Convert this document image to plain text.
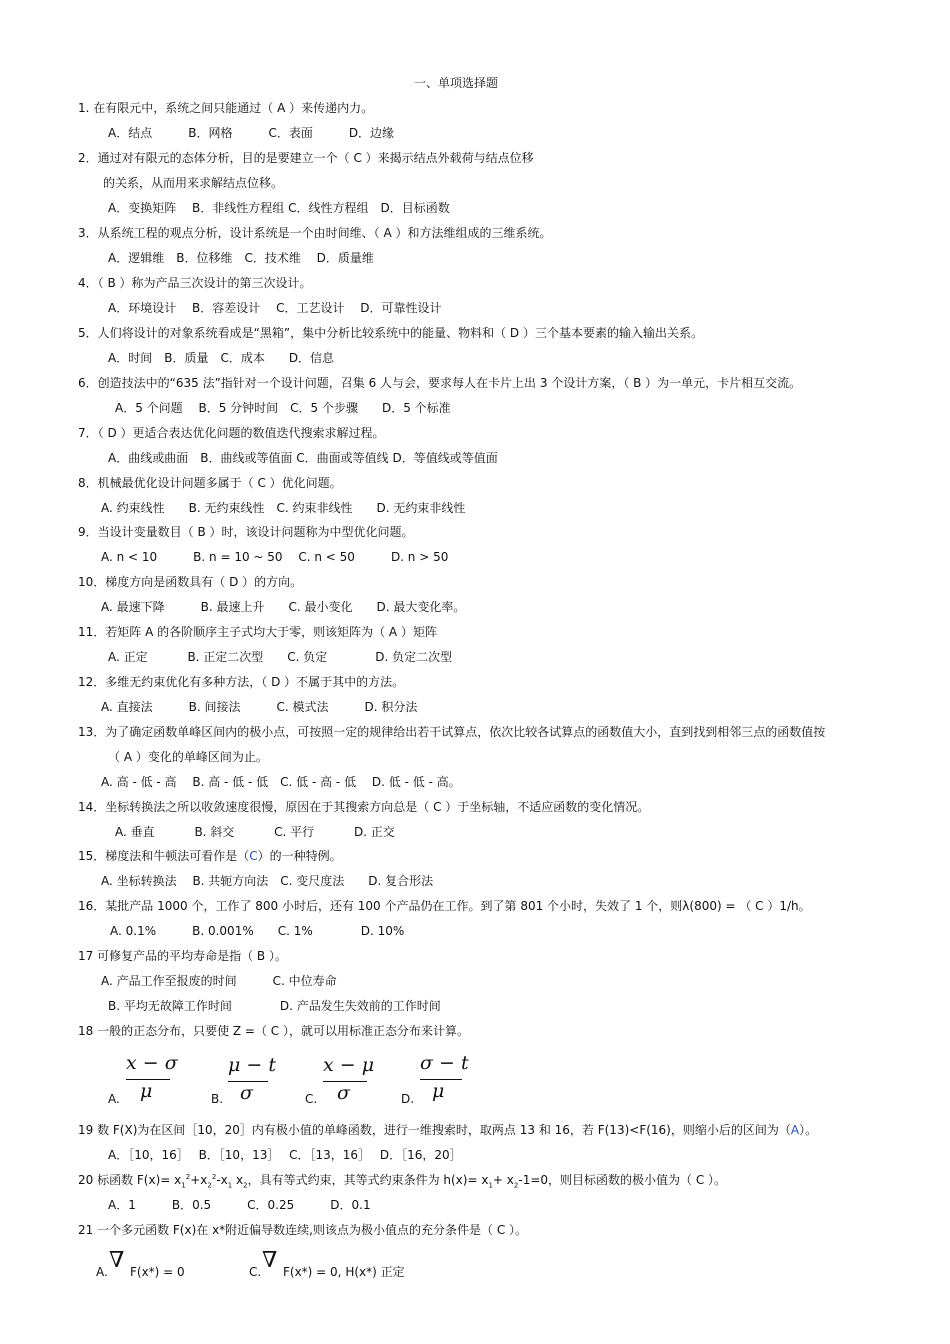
一、单项选择题
1. 在有限元中，系统之间只能通过（ A ）来传递内力。
A．结点　　　B．网格　　　C．表面　　　D．边缘
2．通过对有限元的态体分析，目的是要建立一个（ C ）来揭示结点外载荷与结点位移
的关系，从而用来求解结点位移。
A．变换矩阵　 B．非线性方程组 C．线性方程组　D．目标函数
3．从系统工程的观点分析，设计系统是一个由时间维、（ A ）和方法维组成的三维系统。
A．逻辑维　B．位移维　C．技术维　 D．质量维
4．（ B ）称为产品三次设计的第三次设计。
A．环境设计　 B．容差设计　 C．工艺设计　 D．可靠性设计
5．人们将设计的对象系统看成是“黑箱”，集中分析比较系统中的能量、物料和（ D ）三个基本要素的输入输出关系。
A．时间　B．质量　C．成本　　D．信息
6．创造技法中的“635 法”指针对一个设计问题，召集 6 人与会，要求每人在卡片上出 3 个设计方案，（ B ）为一单元，卡片相互交流。
A．5 个问题　 B．5 分钟时间　C．5 个步骤　　D．5 个标准
7．（ D ）更适合表达优化问题的数值迭代搜索求解过程。
A．曲线或曲面　B．曲线或等值面 C．曲面或等值线 D．等值线或等值面
8．机械最优化设计问题多属于（ C ）优化问题。
A. 约束线性　　B. 无约束线性　C. 约束非线性　　D. 无约束非线性
9．当设计变量数目（ B ）时，该设计问题称为中型优化问题。
A. n < 10　　　B. n = 10 ~ 50　 C. n < 50　　　D. n > 50
10．梯度方向是函数具有（ D ）的方向。
A. 最速下降　　　B. 最速上升　　C. 最小变化　　D. 最大变化率。
11．若矩阵 A 的各阶顺序主子式均大于零，则该矩阵为（ A ）矩阵
A. 正定　　　 B. 正定二次型　　C. 负定　　　　D. 负定二次型
12．多维无约束优化有多种方法，（ D ）不属于其中的方法。
A. 直接法　　　B. 间接法　　　C. 模式法　　　D. 积分法
13．为了确定函数单峰区间内的极小点，可按照一定的规律给出若干试算点，依次比较各试算点的函数值大小，直到找到相邻三点的函数值按
（ A ）变化的单峰区间为止。
A. 高 - 低 - 高　 B. 高 - 低 - 低　C. 低 - 高 - 低　 D. 低 - 低 - 高。
14．坐标转换法之所以收敛速度很慢，原因在于其搜索方向总是（ C ）于坐标轴，不适应函数的变化情况。
A. 垂直　　　 B. 斜交　　　 C. 平行　　　 D. 正交
A. 坐标转换法　 B. 共轭方向法　C. 变尺度法　　D. 复合形法
16．某批产品 1000 个，工作了 800 小时后，还有 100 个产品仍在工作。到了第 801 个小时，失效了 1 个，则λ(800) = （ C ）1/h。
A. 0.1%　　　B. 0.001%　　C. 1%　　　　D. 10%
17 可修复产品的平均寿命是指（ B ）。
A. 产品工作至报废的时间　　　C. 中位寿命
B. 平均无故障工作时间　　　　D. 产品发生失效前的工作时间
18 一般的正态分布，只要使 Z =（ C ），就可以用标准正态分布来计算。
A．［10，16］　 B．［10，13］　 C．［13，16］　 D．［16，20］
A．1　　　B．0.5　　　C．0.25　　　D．0.1
21 一个多元函数 F(x)在 x*附近偏导数连续,则该点为极小值点的充分条件是（ C ）。
15．梯度法和牛顿法可看作是（C）的一种特例。
x − σ
μ
A.
μ − t
σ
B.
x − μ
σ
C.
σ − t
μ
D.
19 数 F(X)为在区间［10，20］内有极小值的单峰函数，进行一维搜索时，取两点 13 和 16，若 F(13)<F(16)，则缩小后的区间为（A）。
20 标函数 $F(x)= x_1^2+x_2^2-x_1$ $x_2$，具有等式约束，其等式约束条件为 $h(x)= x_1+ x_2-1=0$，则目标函数的极小值为（ C ）。
A. ∇ F(x*) = 0	C. ∇ F(x*) = 0, H(x*) 正定
